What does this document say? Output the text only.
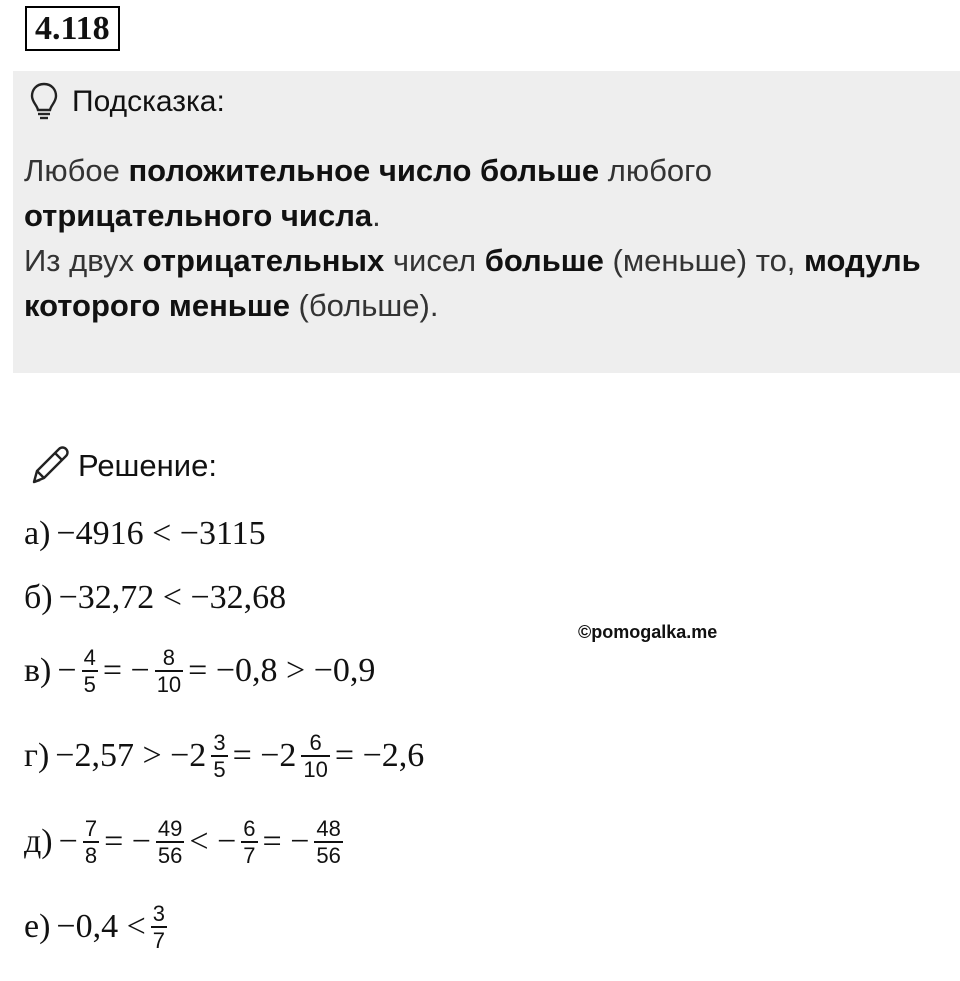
4.118
Подсказка:
Любое положительное число больше любого отрицательного числа.
Из двух отрицательных чисел больше (меньше) то, модуль которого меньше (больше).
Решение:
а) −4916 < −3115
б) −32,72 < −32,68
$в) - \frac{4}{5}$ = − $\frac{8}{10} = -0,8 > -0,9$
$г) -2,57 > -2 \frac{3}{5} = -2 \frac{6}{10} = -2,6$
$д) - \frac{7}{8}$ = − $\frac{49}{56}$ < − $\frac{6}{7}$ = − $\frac{48}{56}$
$е) -0,4 < \frac{3}{7}$
©pomogalka.me
